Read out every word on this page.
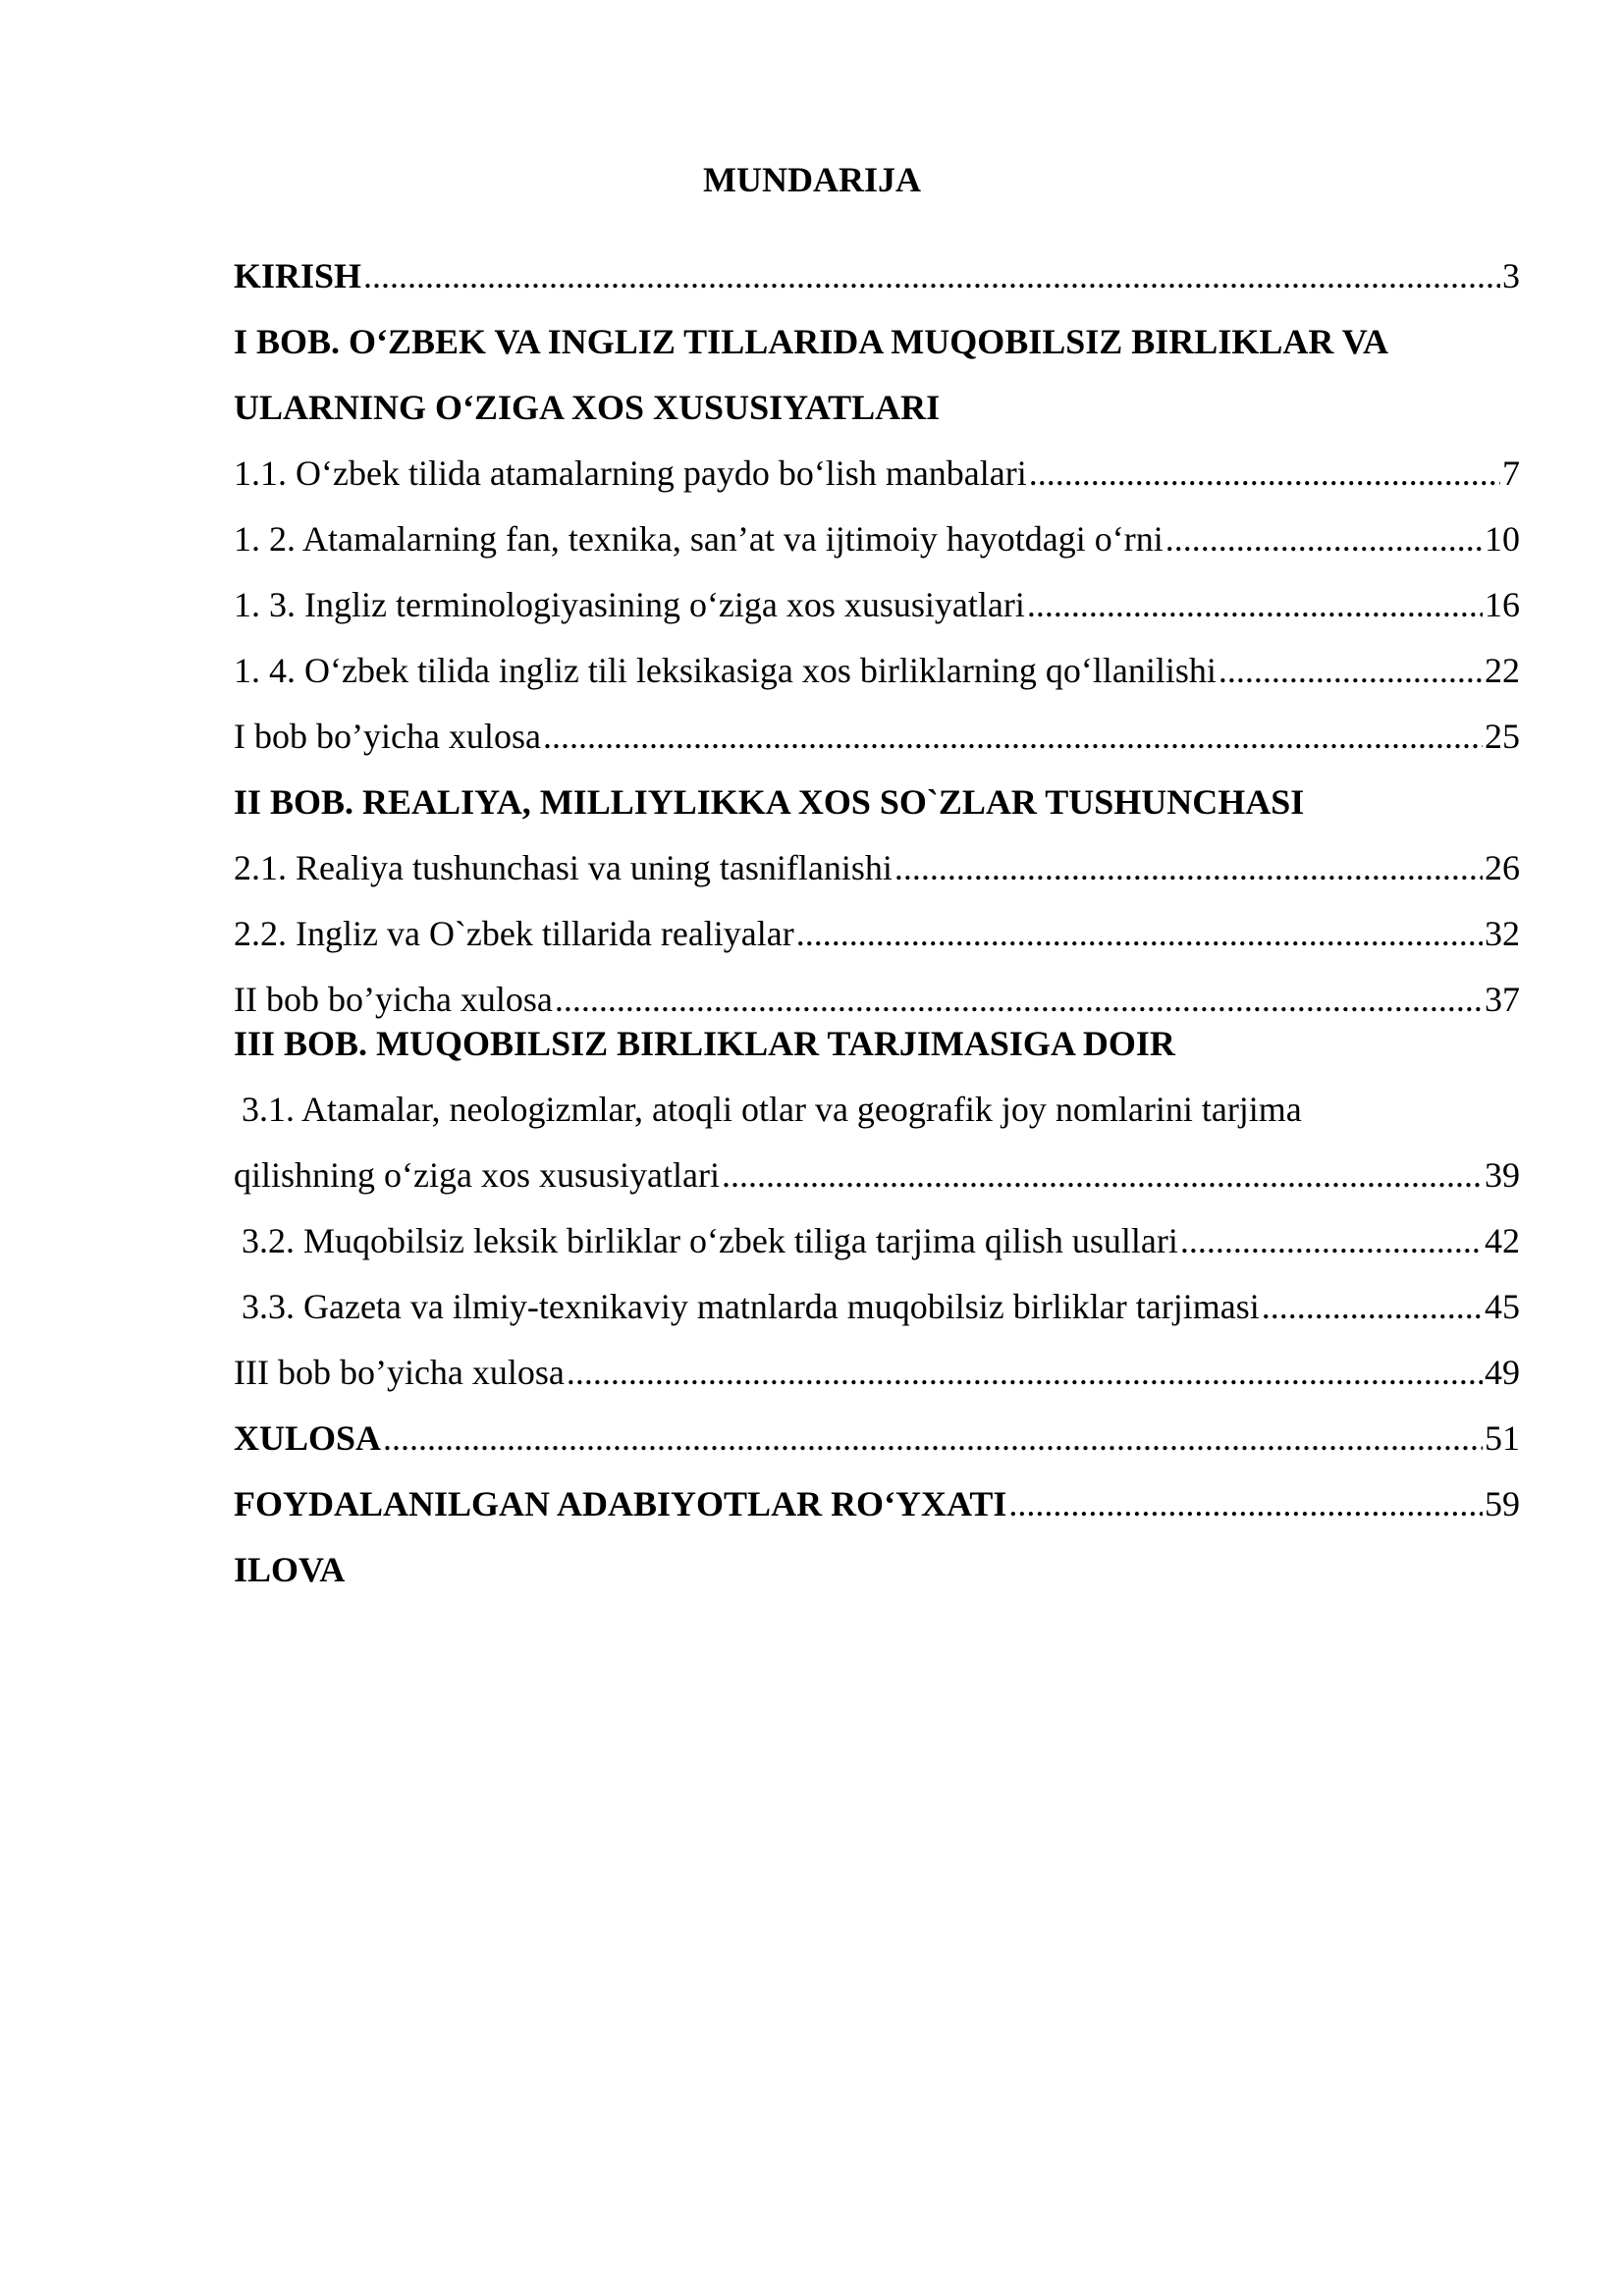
MUNDARIJA
KIRISH .....	3
I BOB. O‘ZBEK VA INGLIZ TILLARIDA MUQOBILSIZ BIRLIKLAR VA
ULARNING O‘ZIGA XOS XUSUSIYATLARI
1.1. O‘zbek tilida atamalarning paydo bo‘lish manbalari .....	7
1. 2. Atamalarning fan, texnika, san’at va ijtimoiy hayotdagi o‘rni .....	10
1. 3. Ingliz terminologiyasining o‘ziga xos xususiyatlari .....	16
1. 4. O‘zbek tilida ingliz tili leksikasiga xos birliklarning qo‘llanilishi .....	22
I bob bo’yicha xulosa .....	25
II BOB. REALIYA, MILLIYLIKKA XOS SO`ZLAR TUSHUNCHASI
2.1. Realiya tushunchasi va uning tasniflanishi .....	26
2.2. Ingliz va O`zbek tillarida realiyalar .....	32
II bob bo’yicha xulosa .....	37
III BOB. MUQOBILSIZ BIRLIKLAR TARJIMASIGA DOIR
3.1. Atamalar, neologizmlar, atoqli otlar va geografik joy nomlarini tarjima
qilishning o‘ziga xos xususiyatlari .....	39
3.2. Muqobilsiz leksik birliklar o‘zbek tiliga tarjima qilish usullari .....	42
3.3. Gazeta va ilmiy-texnikaviy matnlarda muqobilsiz birliklar tarjimasi .....	45
III bob bo’yicha xulosa .....	49
XULOSA .....	51
FOYDALANILGAN ADABIYOTLAR RO‘YXATI .....	59
ILOVA
